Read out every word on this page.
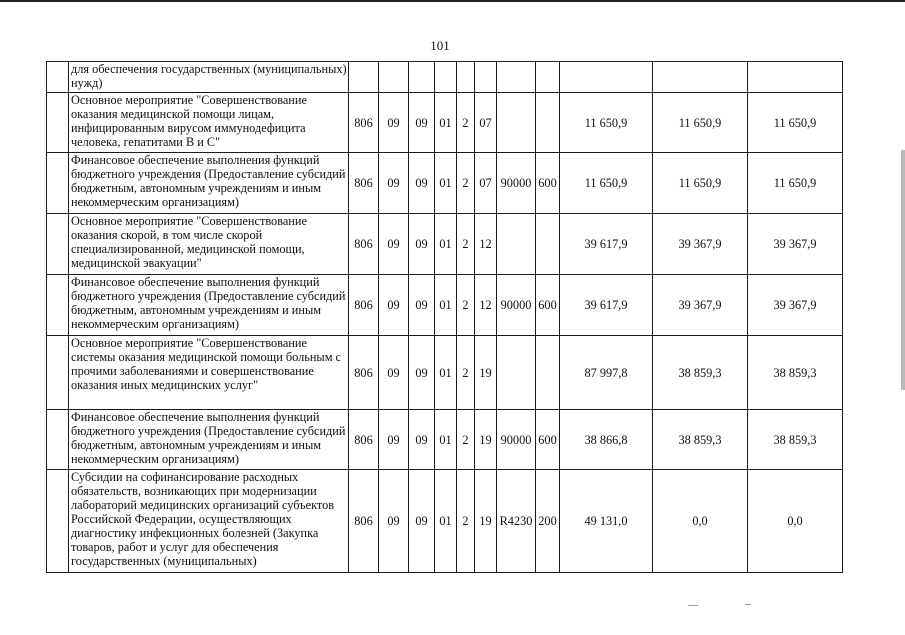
101
	для обеспечения государственных (муниципальных) нужд)											
	Основное мероприятие "Совершенствование оказания медицинской помощи лицам, инфицированным вирусом иммунодефицита человека, гепатитами В и С"	806	09	09	01	2	07			11 650,9	11 650,9	11 650,9
	Финансовое обеспечение выполнения функций бюджетного учреждения (Предоставление субсидий бюджетным, автономным учреждениям и иным некоммерческим организациям)	806	09	09	01	2	07	90000	600	11 650,9	11 650,9	11 650,9
	Основное мероприятие "Совершенствование оказания скорой, в том числе скорой специализированной, медицинской помощи, медицинской эвакуации"	806	09	09	01	2	12			39 617,9	39 367,9	39 367,9
	Финансовое обеспечение выполнения функций бюджетного учреждения (Предоставление субсидий бюджетным, автономным учреждениям и иным некоммерческим организациям)	806	09	09	01	2	12	90000	600	39 617,9	39 367,9	39 367,9
	Основное мероприятие "Совершенствование системы оказания медицинской помощи больным с прочими заболеваниями и совершенствование оказания иных медицинских услуг"	806	09	09	01	2	19			87 997,8	38 859,3	38 859,3
	Финансовое обеспечение выполнения функций бюджетного учреждения (Предоставление субсидий бюджетным, автономным учреждениям и иным некоммерческим организациям)	806	09	09	01	2	19	90000	600	38 866,8	38 859,3	38 859,3
	Субсидии на софинансирование расходных обязательств, возникающих при модернизации лабораторий медицинских организаций субъектов Российской Федерации, осуществляющих диагностику инфекционных болезней (Закупка товаров, работ и услуг для обеспечения государственных (муниципальных)	806	09	09	01	2	19	R4230	200	49 131,0	0,0	0,0
